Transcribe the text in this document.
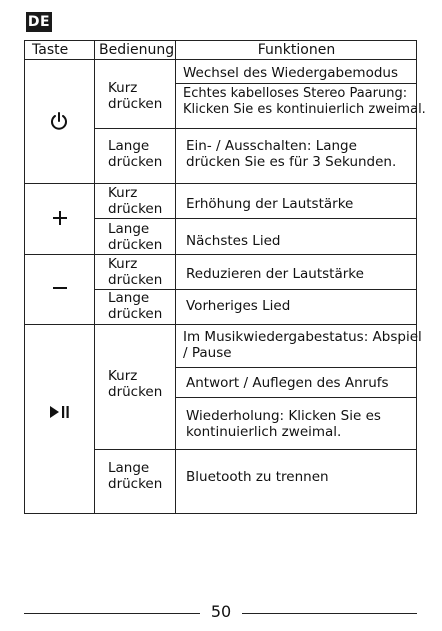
DE
Taste Bedienung	Funktionen
Kurz
drücken
Wechsel des Wiedergabemodus
Echtes kabelloses Stereo Paarung:
Klicken Sie es kontinuierlich zweimal.
Lange
drücken
Ein- / Ausschalten: Lange
drücken Sie es für 3 Sekunden.
Kurz
drücken Erhöhung der Lautstärke
Lange
drücken Nächstes Lied
Kurz
drücken Reduzieren der Lautstärke
Lange
drücken Vorheriges Lied
Kurz
drücken
Im Musikwiedergabestatus: Abspiel
/ Pause
Antwort / Auflegen des Anrufs
Wiederholung: Klicken Sie es
kontinuierlich zweimal.
Lange
drücken Bluetooth zu trennen
50
